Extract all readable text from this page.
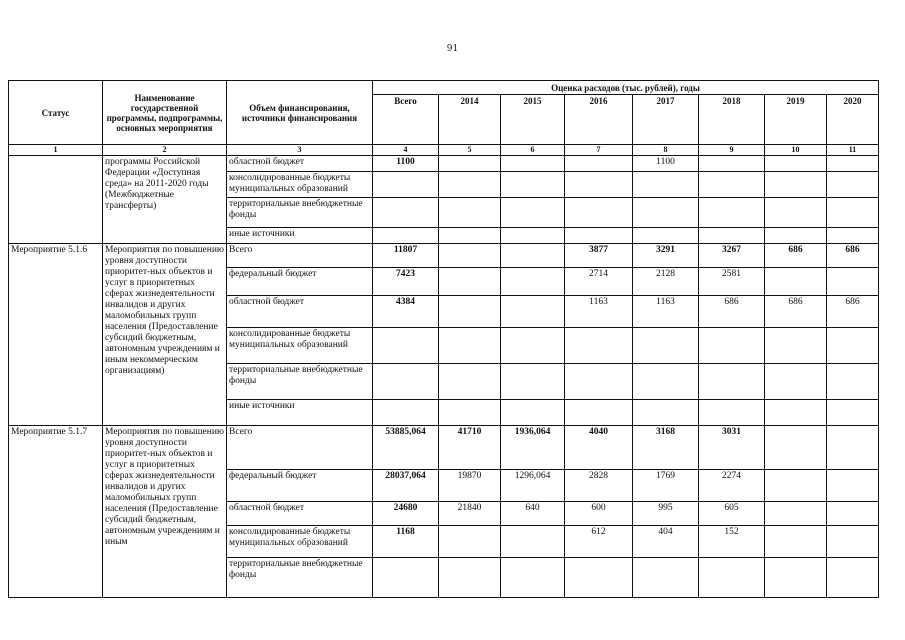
91
Статус	Наименование государственной программы, подпрограммы, основных мероприятия	Объем финансирования, источники финансирования	Оценка расходов (тыс. рублей), годы							
			Всего	2014	2015	2016	2017	2018	2019	2020
1	2	3	4	5	6	7	8	9	10	11
	программы Российской Федерации «Доступная среда» на 2011-2020 годы (Межбюджетные трансферты)	областной бюджет	1100				1100			
		консолидированные бюджеты муниципальных образований								
		территориальные внебюджетные фонды								
		иные источники								
Мероприятие 5.1.6	Мероприятия по повышению уровня доступности приоритет-ных объектов и услуг в приоритетных сферах жизнедеятельности инвалидов и других маломобильных групп населения (Предоставление субсидий бюджетным, автономным учреждениям и иным некоммерческим организациям)	Всего	11807			3877	3291	3267	686	686
		федеральный бюджет	7423			2714	2128	2581		
		областной бюджет	4384			1163	1163	686	686	686
		консолидированные бюджеты муниципальных образований								
		территориальные внебюджетные фонды								
		иные источники								
Мероприятие 5.1.7	Мероприятия по повышению уровня доступности приоритет-ных объектов и услуг в приоритетных сферах жизнедеятельности инвалидов и других маломобильных групп населения (Предоставление субсидий бюджетным, автономным учреждениям и иным	Всего	53885,064	41710	1936,064	4040	3168	3031		
		федеральный бюджет	28037,064	19870	1296,064	2828	1769	2274		
		областной бюджет	24680	21840	640	600	995	605		
		консолидированные бюджеты муниципальных образований	1168			612	404	152		
		территориальные внебюджетные фонды								
